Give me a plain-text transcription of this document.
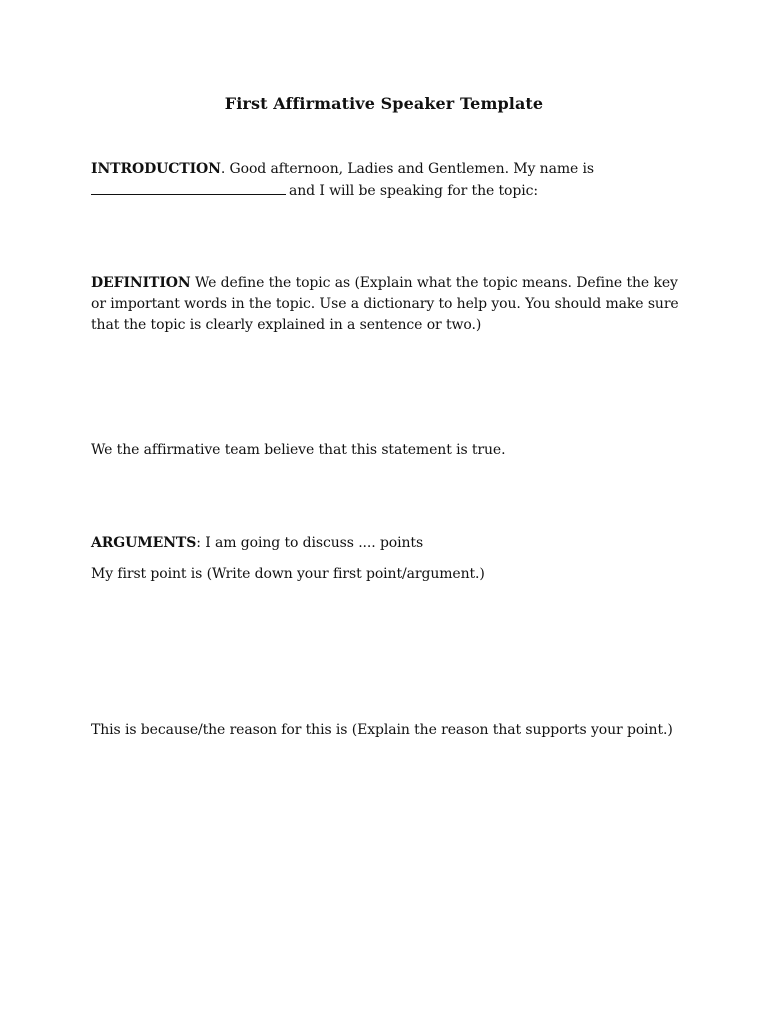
First Affirmative Speaker Template
INTRODUCTION. Good afternoon, Ladies and Gentlemen. My name is
and I will be speaking for the topic:
DEFINITION We define the topic as (Explain what the topic means. Define the key or important words in the topic. Use a dictionary to help you. You should make sure that the topic is clearly explained in a sentence or two.)
We the affirmative team believe that this statement is true.
ARGUMENTS: I am going to discuss .... points
My first point is (Write down your first point/argument.)
This is because/the reason for this is (Explain the reason that supports your point.)
